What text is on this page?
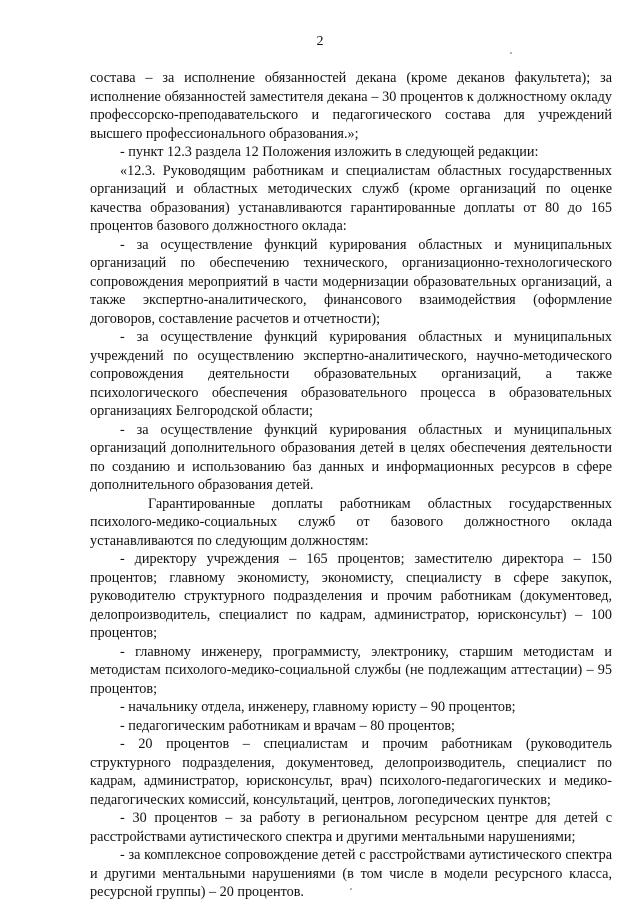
2

состава – за исполнение обязанностей декана (кроме деканов факультета); за исполнение обязанностей заместителя декана – 30 процентов к должностному окладу профессорско-преподавательского и педагогического состава для учреждений высшего профессионального образования.»;

- пункт 12.3 раздела 12 Положения изложить в следующей редакции:

«12.3. Руководящим работникам и специалистам областных государственных организаций и областных методических служб (кроме организаций по оценке качества образования) устанавливаются гарантированные доплаты от 80 до 165 процентов базового должностного оклада:

- за осуществление функций курирования областных и муниципальных организаций по обеспечению технического, организационно-технологического сопровождения мероприятий в части модернизации образовательных организаций, а также экспертно-аналитического, финансового взаимодействия (оформление договоров, составление расчетов и отчетности);

- за осуществление функций курирования областных и муниципальных учреждений по осуществлению экспертно-аналитического, научно-методического сопровождения деятельности образовательных организаций, а также психологического обеспечения образовательного процесса в образовательных организациях Белгородской области;

- за осуществление функций курирования областных и муниципальных организаций дополнительного образования детей в целях обеспечения деятельности по созданию и использованию баз данных и информационных ресурсов в сфере дополнительного образования детей.

Гарантированные доплаты работникам областных государственных психолого-медико-социальных служб от базового должностного оклада устанавливаются по следующим должностям:

- директору учреждения – 165 процентов; заместителю директора – 150 процентов; главному экономисту, экономисту, специалисту в сфере закупок, руководителю структурного подразделения и прочим работникам (документовед, делопроизводитель, специалист по кадрам, администратор, юрисконсульт) – 100 процентов;

- главному инженеру, программисту, электронику, старшим методистам и методистам психолого-медико-социальной службы (не подлежащим аттестации) – 95 процентов;

- начальнику отдела, инженеру, главному юристу – 90 процентов;

- педагогическим работникам и врачам – 80 процентов;

- 20 процентов – специалистам и прочим работникам (руководитель структурного подразделения, документовед, делопроизводитель, специалист по кадрам, администратор, юрисконсульт, врач) психолого-педагогических и медико-педагогических комиссий, консультаций, центров, логопедических пунктов;

- 30 процентов – за работу в региональном ресурсном центре для детей с расстройствами аутистического спектра и другими ментальными нарушениями;

- за комплексное сопровождение детей с расстройствами аутистического спектра и другими ментальными нарушениями (в том числе в модели ресурсного класса, ресурсной группы) – 20 процентов.
